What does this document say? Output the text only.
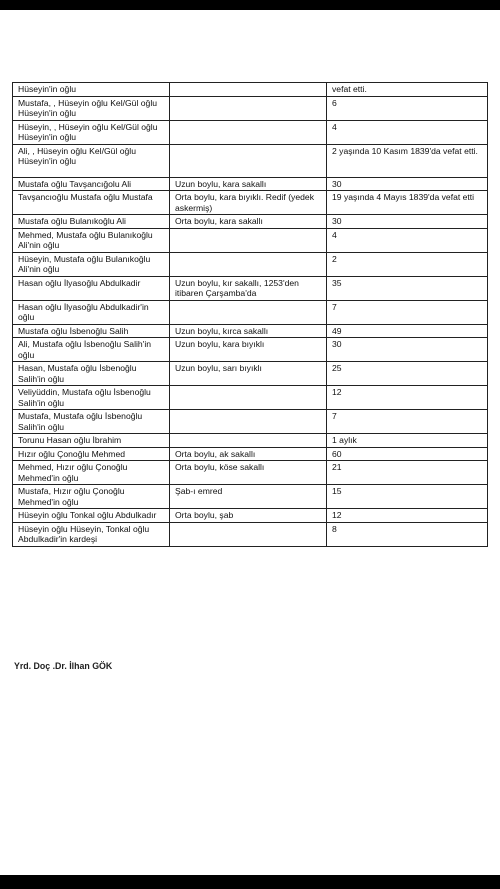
Hüseyin'in oğlu		vefat etti.
Mustafa, , Hüseyin oğlu Kel/Gül oğlu Hüseyin'in oğlu		6
Hüseyin, , Hüseyin oğlu Kel/Gül oğlu Hüseyin'in oğlu		4
Ali, , Hüseyin oğlu Kel/Gül oğlu Hüseyin'in oğlu		2 yaşında 10 Kasım 1839'da vefat etti.
Mustafa oğlu Tavşancığolu Ali	Uzun boylu, kara sakallı	30
Tavşancıoğlu Mustafa oğlu Mustafa	Orta boylu, kara bıyıklı. Redif (yedek askermiş)	19 yaşında 4 Mayıs 1839'da vefat etti
Mustafa oğlu Bulanıkoğlu Ali	Orta boylu, kara sakallı	30
Mehmed, Mustafa oğlu Bulanıkoğlu Ali'nin oğlu		4
Hüseyin, Mustafa oğlu Bulanıkoğlu Ali'nin oğlu		2
Hasan oğlu İlyasoğlu Abdulkadir	Uzun boylu, kır sakallı, 1253'den itibaren Çarşamba'da	35
Hasan oğlu İlyasoğlu Abdulkadir'in oğlu		7
Mustafa oğlu İsbenoğlu Salih	Uzun boylu, kırca sakallı	49
Ali, Mustafa oğlu İsbenoğlu Salih'in oğlu	Uzun boylu, kara bıyıklı	30
Hasan, Mustafa oğlu İsbenoğlu Salih'in oğlu	Uzun boylu, sarı bıyıklı	25
Veliyüddin, Mustafa oğlu İsbenoğlu Salih'in oğlu		12
Mustafa, Mustafa oğlu İsbenoğlu Salih'in oğlu		7
Torunu Hasan oğlu İbrahim		1 aylık
Hızır oğlu Çonoğlu Mehmed	Orta boylu, ak sakallı	60
Mehmed, Hızır oğlu Çonoğlu Mehmed'in oğlu	Orta boylu, köse sakallı	21
Mustafa, Hızır oğlu Çonoğlu Mehmed'in oğlu	Şab-ı emred	15
Hüseyin oğlu Tonkal oğlu Abdulkadır	Orta boylu, şab	12
Hüseyin oğlu Hüseyin, Tonkal oğlu Abdulkadir'in kardeşi		8
Yrd. Doç .Dr. İlhan GÖK
